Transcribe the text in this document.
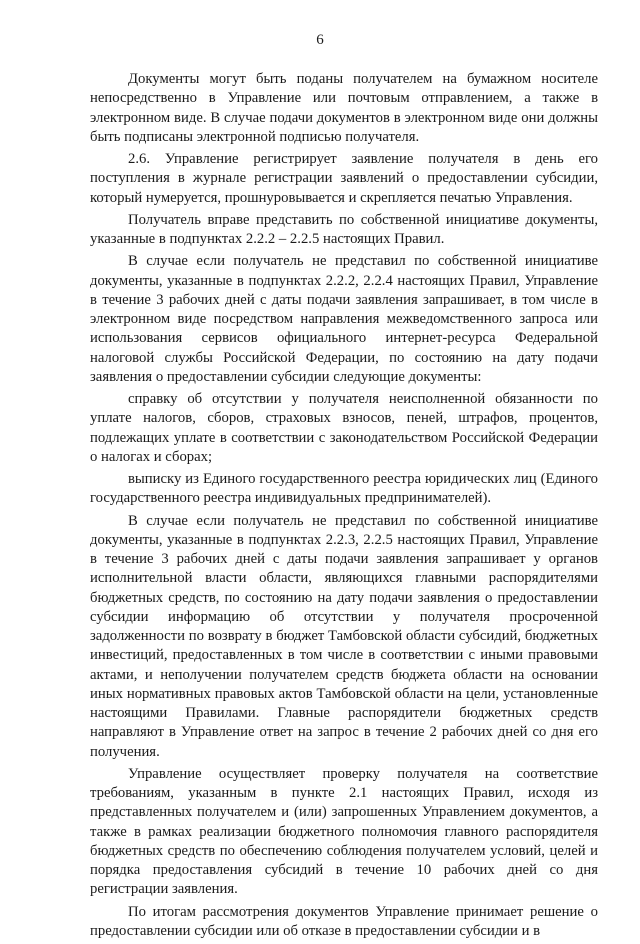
6

Документы могут быть поданы получателем на бумажном носителе непосредственно в Управление или почтовым отправлением, а также в электронном виде. В случае подачи документов в электронном виде они должны быть подписаны электронной подписью получателя.

2.6. Управление регистрирует заявление получателя в день его поступления в журнале регистрации заявлений о предоставлении субсидии, который нумеруется, прошнуровывается и скрепляется печатью Управления.

Получатель вправе представить по собственной инициативе документы, указанные в подпунктах 2.2.2 – 2.2.5 настоящих Правил.

В случае если получатель не представил по собственной инициативе документы, указанные в подпунктах 2.2.2, 2.2.4 настоящих Правил, Управление в течение 3 рабочих дней с даты подачи заявления запрашивает, в том числе в электронном виде посредством направления межведомственного запроса или использования сервисов официального интернет-ресурса Федеральной налоговой службы Российской Федерации, по состоянию на дату подачи заявления о предоставлении субсидии следующие документы:

справку об отсутствии у получателя неисполненной обязанности по уплате налогов, сборов, страховых взносов, пеней, штрафов, процентов, подлежащих уплате в соответствии с законодательством Российской Федерации о налогах и сборах;

выписку из Единого государственного реестра юридических лиц (Единого государственного реестра индивидуальных предпринимателей).

В случае если получатель не представил по собственной инициативе документы, указанные в подпунктах 2.2.3, 2.2.5 настоящих Правил, Управление в течение 3 рабочих дней с даты подачи заявления запрашивает у органов исполнительной власти области, являющихся главными распорядителями бюджетных средств, по состоянию на дату подачи заявления о предоставлении субсидии информацию об отсутствии у получателя просроченной задолженности по возврату в бюджет Тамбовской области субсидий, бюджетных инвестиций, предоставленных в том числе в соответствии с иными правовыми актами, и неполучении получателем средств бюджета области на основании иных нормативных правовых актов Тамбовской области на цели, установленные настоящими Правилами. Главные распорядители бюджетных средств направляют в Управление ответ на запрос в течение 2 рабочих дней со дня его получения.

Управление осуществляет проверку получателя на соответствие требованиям, указанным в пункте 2.1 настоящих Правил, исходя из представленных получателем и (или) запрошенных Управлением документов, а также в рамках реализации бюджетного полномочия главного распорядителя бюджетных средств по обеспечению соблюдения получателем условий, целей и порядка предоставления субсидий в течение 10 рабочих дней со дня регистрации заявления.

По итогам рассмотрения документов Управление принимает решение о предоставлении субсидии или об отказе в предоставлении субсидии и в
